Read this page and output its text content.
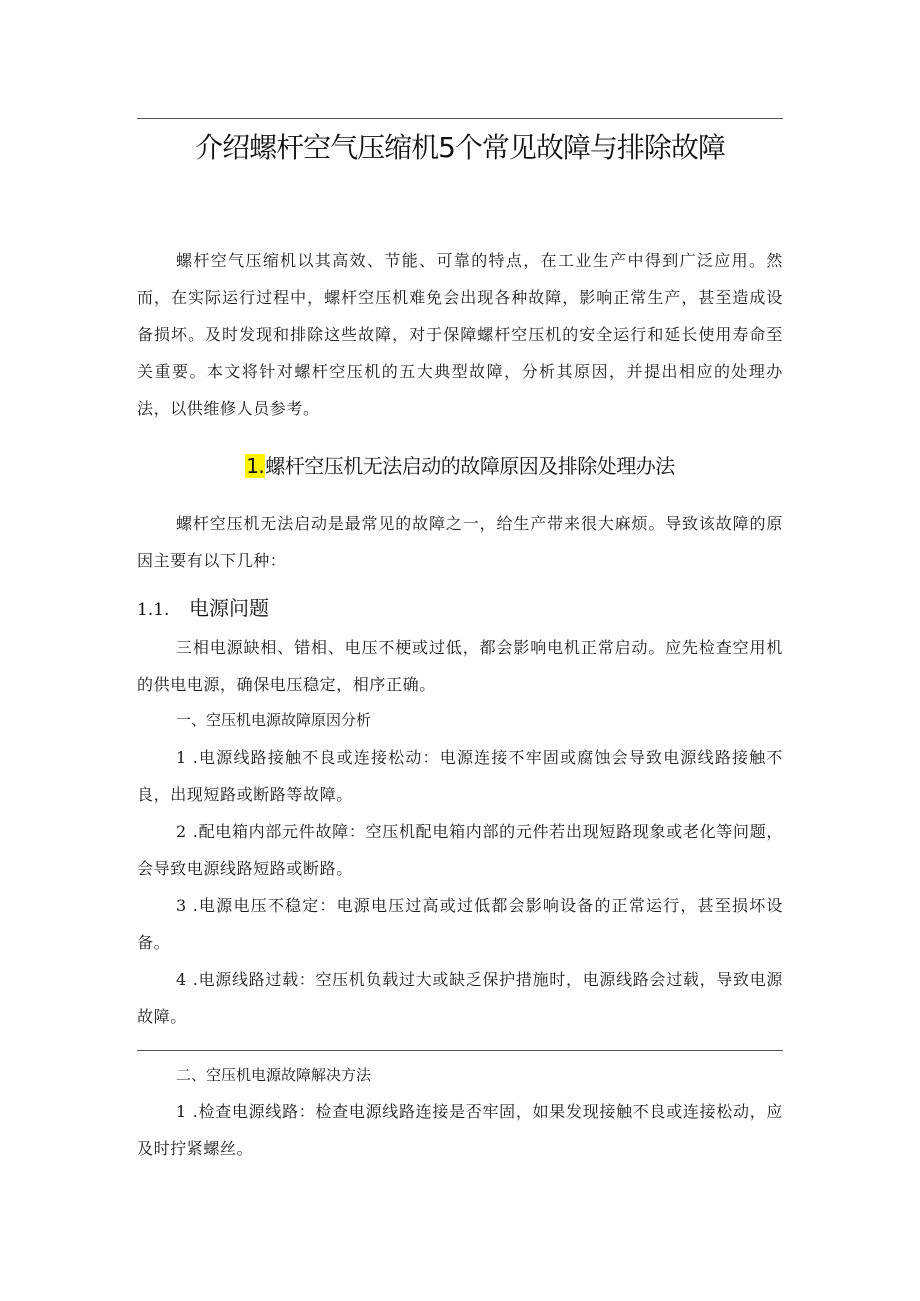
介绍螺杆空气压缩机5个常见故障与排除故障

螺杆空气压缩机以其高效、节能、可靠的特点，在工业生产中得到广泛应用。然而，在实际运行过程中，螺杆空压机难免会出现各种故障，影响正常生产，甚至造成设备损坏。及时发现和排除这些故障，对于保障螺杆空压机的安全运行和延长使用寿命至关重要。本文将针对螺杆空压机的五大典型故障，分析其原因，并提出相应的处理办法，以供维修人员参考。

1.螺杆空压机无法启动的故障原因及排除处理办法

螺杆空压机无法启动是最常见的故障之一，给生产带来很大麻烦。导致该故障的原因主要有以下几种：

1.1. 电源问题

三相电源缺相、错相、电压不梗或过低，都会影响电机正常启动。应先检查空用机的供电电源，确保电压稳定，相序正确。

一、空压机电源故障原因分析

1 .电源线路接触不良或连接松动：电源连接不牢固或腐蚀会导致电源线路接触不良，出现短路或断路等故障。

2 .配电箱内部元件故障：空压机配电箱内部的元件若出现短路现象或老化等问题，会导致电源线路短路或断路。

3 .电源电压不稳定：电源电压过高或过低都会影响设备的正常运行，甚至损坏设备。

4 .电源线路过载：空压机负载过大或缺乏保护措施时，电源线路会过载，导致电源故障。

二、空压机电源故障解决方法

1 .检查电源线路：检查电源线路连接是否牢固，如果发现接触不良或连接松动，应及时拧紧螺丝。
